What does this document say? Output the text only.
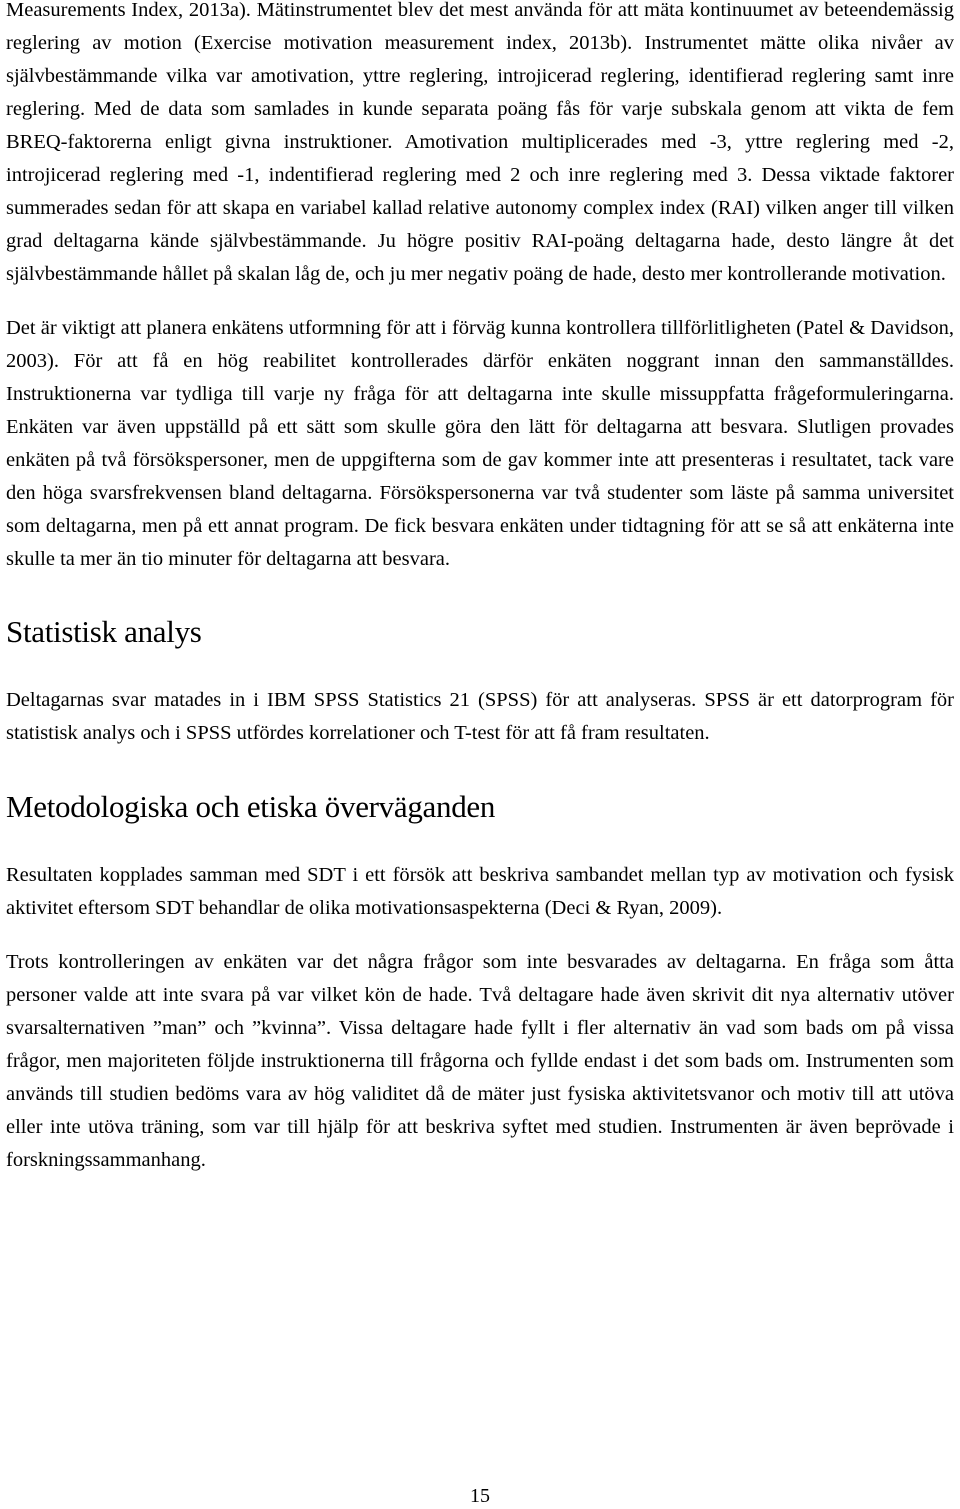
Measurements Index, 2013a). Mätinstrumentet blev det mest använda för att mäta kontinuumet av beteendemässig reglering av motion (Exercise motivation measurement index, 2013b). Instrumentet mätte olika nivåer av självbestämmande vilka var amotivation, yttre reglering, introjicerad reglering, identifierad reglering samt inre reglering. Med de data som samlades in kunde separata poäng fås för varje subskala genom att vikta de fem BREQ-faktorerna enligt givna instruktioner. Amotivation multiplicerades med -3, yttre reglering med -2, introjicerad reglering med -1, indentifierad reglering med 2 och inre reglering med 3. Dessa viktade faktorer summerades sedan för att skapa en variabel kallad relative autonomy complex index (RAI) vilken anger till vilken grad deltagarna kände självbestämmande. Ju högre positiv RAI-poäng deltagarna hade, desto längre åt det självbestämmande hållet på skalan låg de, och ju mer negativ poäng de hade, desto mer kontrollerande motivation.

Det är viktigt att planera enkätens utformning för att i förväg kunna kontrollera tillförlitligheten (Patel & Davidson, 2003). För att få en hög reabilitet kontrollerades därför enkäten noggrant innan den sammanställdes. Instruktionerna var tydliga till varje ny fråga för att deltagarna inte skulle missuppfatta frågeformuleringarna. Enkäten var även uppställd på ett sätt som skulle göra den lätt för deltagarna att besvara. Slutligen provades enkäten på två försökspersoner, men de uppgifterna som de gav kommer inte att presenteras i resultatet, tack vare den höga svarsfrekvensen bland deltagarna. Försökspersonerna var två studenter som läste på samma universitet som deltagarna, men på ett annat program. De fick besvara enkäten under tidtagning för att se så att enkäterna inte skulle ta mer än tio minuter för deltagarna att besvara.

Statistisk analys

Deltagarnas svar matades in i IBM SPSS Statistics 21 (SPSS) för att analyseras. SPSS är ett datorprogram för statistisk analys och i SPSS utfördes korrelationer och T-test för att få fram resultaten.

Metodologiska och etiska överväganden

Resultaten kopplades samman med SDT i ett försök att beskriva sambandet mellan typ av motivation och fysisk aktivitet eftersom SDT behandlar de olika motivationsaspekterna (Deci & Ryan, 2009).

Trots kontrolleringen av enkäten var det några frågor som inte besvarades av deltagarna. En fråga som åtta personer valde att inte svara på var vilket kön de hade. Två deltagare hade även skrivit dit nya alternativ utöver svarsalternativen ”man” och ”kvinna”. Vissa deltagare hade fyllt i fler alternativ än vad som bads om på vissa frågor, men majoriteten följde instruktionerna till frågorna och fyllde endast i det som bads om. Instrumenten som används till studien bedöms vara av hög validitet då de mäter just fysiska aktivitetsvanor och motiv till att utöva eller inte utöva träning, som var till hjälp för att beskriva syftet med studien. Instrumenten är även beprövade i forskningssammanhang.

15
